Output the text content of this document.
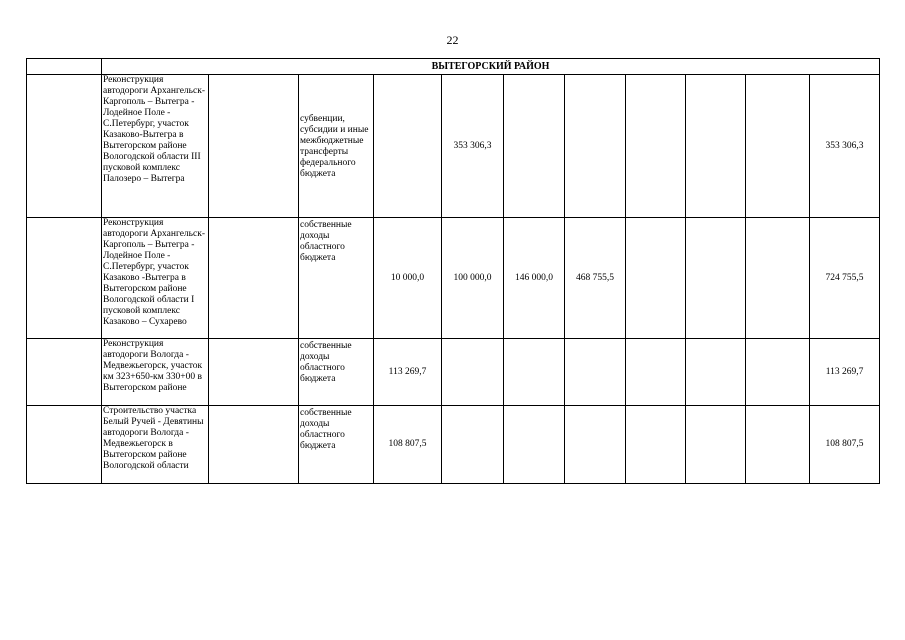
22
	ВЫТЕГОРСКИЙ РАЙОН										
	Реконструкция автодороги Архангельск-Каргополь – Вытегра - Лодейное Поле - С.Петербург, участок Казаково-Вытегра в Вытегорском районе Вологодской области III пусковой комплекс Палозеро – Вытегра		субвенции, субсидии и иные межбюджетные трансферты федерального бюджета		353 306,3						353 306,3
	Реконструкция автодороги Архангельск-Каргополь – Вытегра - Лодейное Поле - С.Петербург, участок Казаково -Вытегра в Вытегорском районе Вологодской области I пусковой комплекс Казаково – Сухарево		собственные доходы областного бюджета	10 000,0	100 000,0	146 000,0	468 755,5				724 755,5
	Реконструкция автодороги Вологда - Медвежьегорск, участок км 323+650-км 330+00 в Вытегорском районе		собственные доходы областного бюджета	113 269,7							113 269,7
	Строительство участка Белый Ручей - Девятины автодороги Вологда - Медвежьегорск в Вытегорском районе Вологодской области		собственные доходы областного бюджета	108 807,5							108 807,5
